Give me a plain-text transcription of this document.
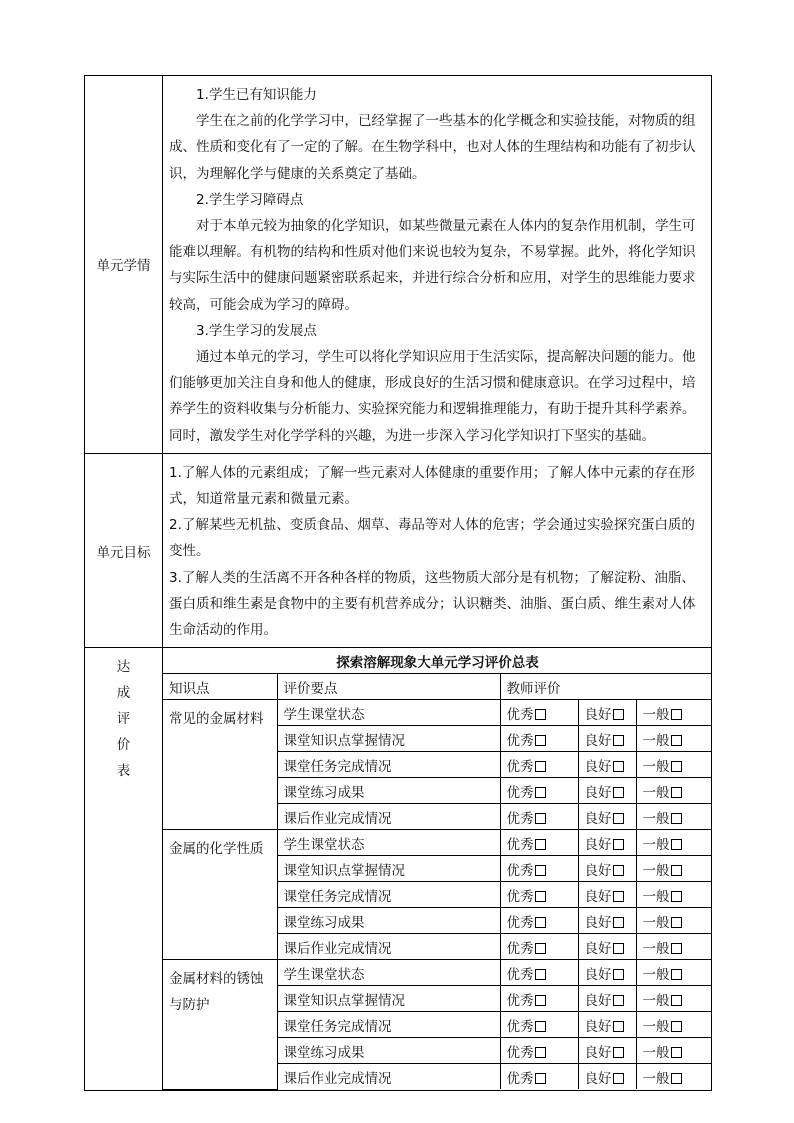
单元学情	

1.学生已有知识能力

学生在之前的化学学习中，已经掌握了一些基本的化学概念和实验技能，对物质的组成、性质和变化有了一定的了解。在生物学科中，也对人体的生理结构和功能有了初步认识，为理解化学与健康的关系奠定了基础。

2.学生学习障碍点

对于本单元较为抽象的化学知识，如某些微量元素在人体内的复杂作用机制，学生可能难以理解。有机物的结构和性质对他们来说也较为复杂，不易掌握。此外，将化学知识与实际生活中的健康问题紧密联系起来，并进行综合分析和应用，对学生的思维能力要求较高，可能会成为学习的障碍。

3.学生学习的发展点

通过本单元的学习，学生可以将化学知识应用于生活实际，提高解决问题的能力。他们能够更加关注自身和他人的健康，形成良好的生活习惯和健康意识。在学习过程中，培养学生的资料收集与分析能力、实验探究能力和逻辑推理能力，有助于提升其科学素养。同时，激发学生对化学学科的兴趣，为进一步深入学习化学知识打下坚实的基础。

单元目标	

1.了解人体的元素组成；了解一些元素对人体健康的重要作用；了解人体中元素的存在形式，知道常量元素和微量元素。

2.了解某些无机盐、变质食品、烟草、毒品等对人体的危害；学会通过实验探究蛋白质的变性。

3.了解人类的生活离不开各种各样的物质，这些物质大部分是有机物；了解淀粉、油脂、蛋白质和维生素是食物中的主要有机营养成分；认识糖类、油脂、蛋白质、维生素对人体生命活动的作用。

达
成
评
价
表

探索溶解现象大单元学习评价总表
知识点	评价要点	教师评价
常见的金属材料	学生课堂状态	优秀	良好	一般
课堂知识点掌握情况	优秀	良好	一般
课堂任务完成情况	优秀	良好	一般
课堂练习成果	优秀	良好	一般
课后作业完成情况	优秀	良好	一般
金属的化学性质	学生课堂状态	优秀	良好	一般
课堂知识点掌握情况	优秀	良好	一般
课堂任务完成情况	优秀	良好	一般
课堂练习成果	优秀	良好	一般
课后作业完成情况	优秀	良好	一般
金属材料的锈蚀与防护	学生课堂状态	优秀	良好	一般
课堂知识点掌握情况	优秀	良好	一般
课堂任务完成情况	优秀	良好	一般
课堂练习成果	优秀	良好	一般
课后作业完成情况	优秀	良好	一般
